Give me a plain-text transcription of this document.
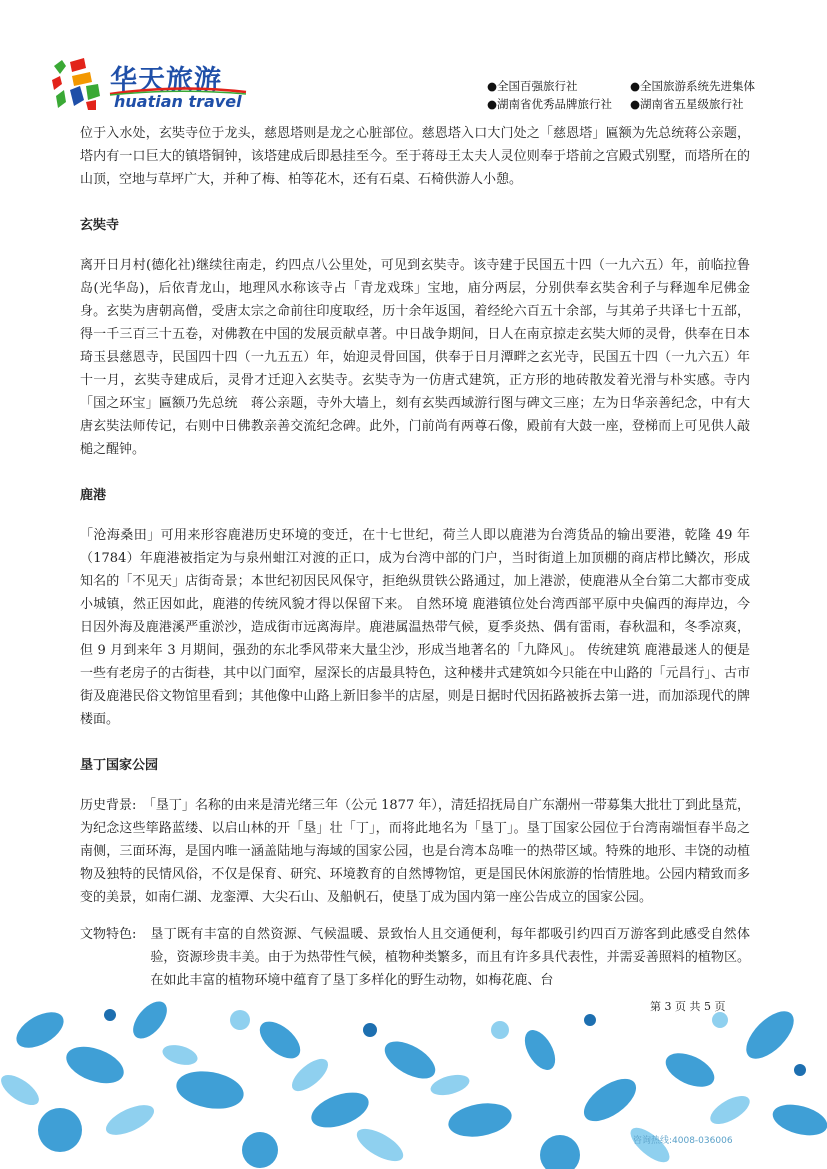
华天旅游
huatian travel
●全国百强旅行社	●全国旅游系统先进集体
●湖南省优秀品牌旅行社 ●湖南省五星级旅行社

位于入水处，玄奘寺位于龙头，慈恩塔则是龙之心脏部位。慈恩塔入口大门处之「慈恩塔」匾额为先总统蒋公亲题，塔内有一口巨大的镇塔铜钟，该塔建成后即悬挂至今。至于蒋母王太夫人灵位则奉于塔前之宫殿式别墅，而塔所在的山顶，空地与草坪广大，并种了梅、柏等花木，还有石桌、石椅供游人小憩。

玄奘寺

离开日月村(德化社)继续往南走，约四点八公里处，可见到玄奘寺。该寺建于民国五十四（一九六五）年，前临拉鲁岛(光华岛)，后依青龙山，地理风水称该寺占「青龙戏珠」宝地，庙分两层，分别供奉玄奘舍利子与释迦牟尼佛金身。玄奘为唐朝高僧，受唐太宗之命前往印度取经，历十余年返国，着经纶六百五十余部，与其弟子共译七十五部，得一千三百三十五卷，对佛教在中国的发展贡献卓著。中日战争期间，日人在南京掠走玄奘大师的灵骨，供奉在日本琦玉县慈恩寺，民国四十四（一九五五）年，始迎灵骨回国，供奉于日月潭畔之玄光寺，民国五十四（一九六五）年十一月，玄奘寺建成后，灵骨才迁迎入玄奘寺。玄奘寺为一仿唐式建筑，正方形的地砖散发着光滑与朴实感。寺内「国之环宝」匾额乃先总统　蒋公亲题，寺外大墙上，刻有玄奘西域游行图与碑文三座；左为日华亲善纪念，中有大唐玄奘法师传记，右则中日佛教亲善交流纪念碑。此外，门前尚有两尊石像，殿前有大鼓一座，登梯而上可见供人敲槌之醒钟。

鹿港

「沧海桑田」可用来形容鹿港历史环境的变迁，在十七世纪，荷兰人即以鹿港为台湾货品的输出要港，乾隆 49 年（1784）年鹿港被指定为与泉州蚶江对渡的正口，成为台湾中部的门户，当时街道上加顶棚的商店栉比鳞次，形成知名的「不见天」店街奇景；本世纪初因民风保守，拒绝纵贯铁公路通过，加上港淤，使鹿港从全台第二大都市变成小城镇，然正因如此，鹿港的传统风貌才得以保留下来。 自然环境 鹿港镇位处台湾西部平原中央偏西的海岸边，今日因外海及鹿港溪严重淤沙，造成街市远离海岸。鹿港属温热带气候，夏季炎热、偶有雷雨，春秋温和，冬季凉爽，但 9 月到来年 3 月期间，强劲的东北季风带来大量尘沙，形成当地著名的「九降风」。 传统建筑 鹿港最迷人的便是一些有老房子的古街巷，其中以门面窄，屋深长的店最具特色，这种楼井式建筑如今只能在中山路的「元昌行」、古市街及鹿港民俗文物馆里看到；其他像中山路上新旧参半的店屋，则是日据时代因拓路被拆去第一进，而加添现代的牌楼面。

垦丁国家公园

历史背景:　 「垦丁」名称的由来是清光绪三年（公元 1877 年），清廷招抚局自广东潮州一带募集大批壮丁到此垦荒，为纪念这些筚路蓝缕、以启山林的开「垦」壮「丁」，而将此地名为「垦丁」。垦丁国家公园位于台湾南端恒春半岛之南侧，三面环海，是国内唯一涵盖陆地与海域的国家公园，也是台湾本岛唯一的热带区域。特殊的地形、丰饶的动植物及独特的民情风俗，不仅是保育、研究、环境教育的自然博物馆，更是国民休闲旅游的怡情胜地。公园内精致而多变的美景，如南仁湖、龙銮潭、大尖石山、及船帆石，使垦丁成为国内第一座公告成立的国家公园。

文物特色: 垦丁既有丰富的自然资源、气候温暖、景致怡人且交通便利，每年都吸引约四百万游客到此感受自然体验，资源珍贵丰美。由于为热带性气候，植物种类繁多，而且有许多具代表性，并需妥善照料的植物区。在如此丰富的植物环境中蕴育了垦丁多样化的野生动物，如梅花鹿、台
第 3 页 共 5 页
咨询热线:4008-036006
